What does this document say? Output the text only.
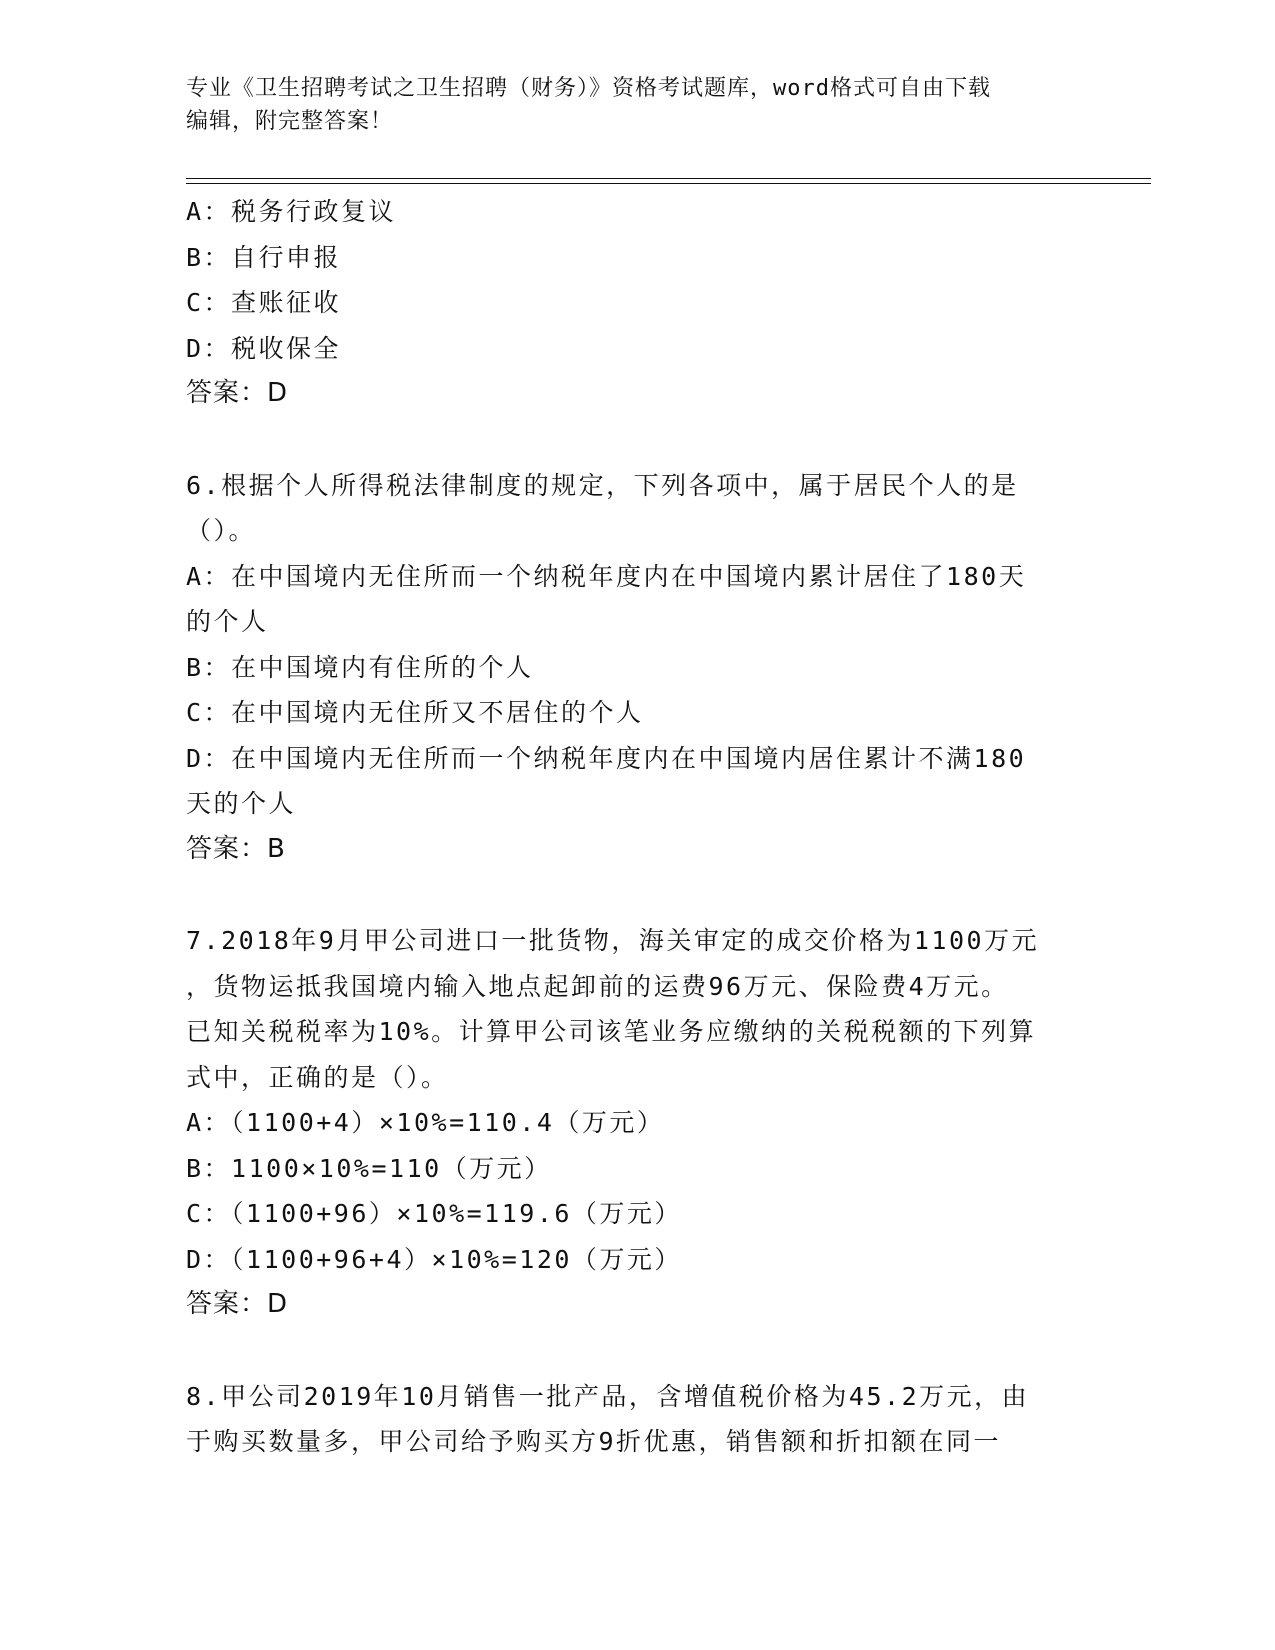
专业《卫生招聘考试之卫生招聘（财务）》资格考试题库，word格式可自由下载
编辑，附完整答案！
A：税务行政复议
B：自行申报
C：查账征收
D：税收保全
答案：D
6.根据个人所得税法律制度的规定，下列各项中，属于居民个人的是
（）。
A：在中国境内无住所而一个纳税年度内在中国境内累计居住了180天
的个人
B：在中国境内有住所的个人
C：在中国境内无住所又不居住的个人
D：在中国境内无住所而一个纳税年度内在中国境内居住累计不满180
天的个人
答案：B
7.2018年9月甲公司进口一批货物，海关审定的成交价格为1100万元
，货物运抵我国境内输入地点起卸前的运费96万元、保险费4万元。
已知关税税率为10%。计算甲公司该笔业务应缴纳的关税税额的下列算
式中，正确的是（）。
A：（1100+4）×10%=110.4（万元）
B：1100×10%=110（万元）
C：（1100+96）×10%=119.6（万元）
D：（1100+96+4）×10%=120（万元）
答案：D
8.甲公司2019年10月销售一批产品，含增值税价格为45.2万元，由
于购买数量多，甲公司给予购买方9折优惠，销售额和折扣额在同一
